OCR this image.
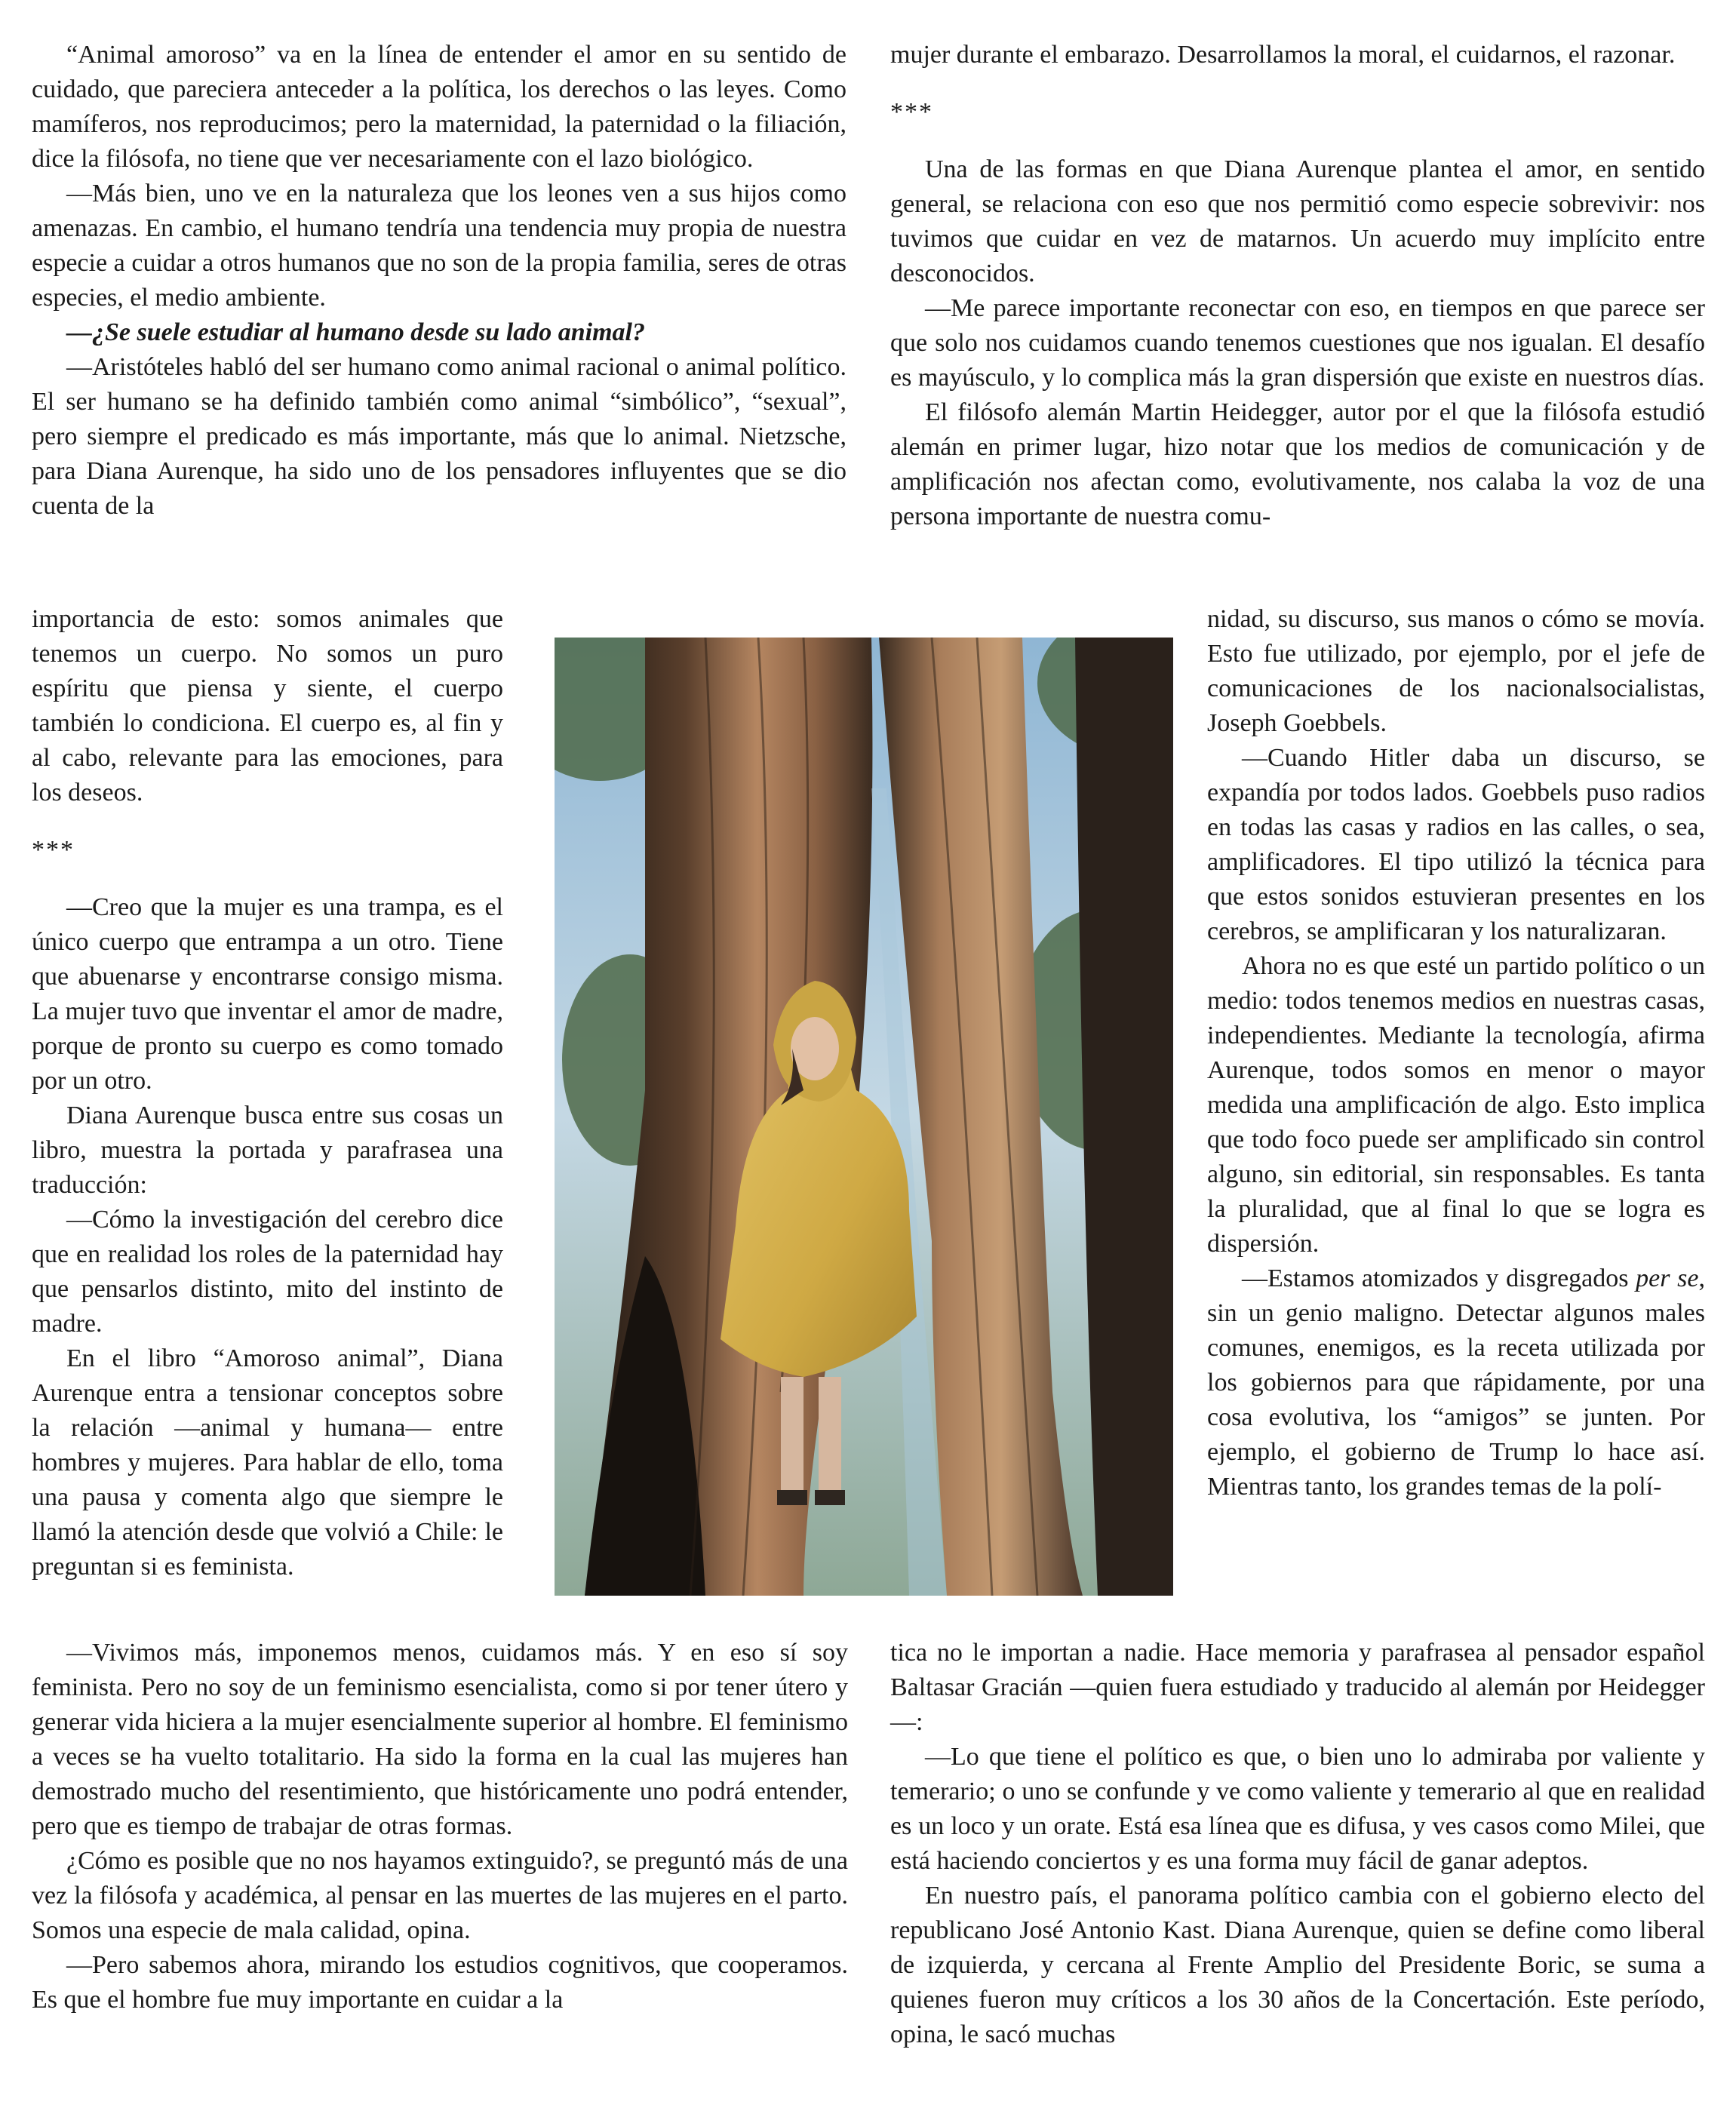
“Animal amoroso” va en la línea de entender el amor en su sentido de cuidado, que pareciera anteceder a la política, los derechos o las leyes. Como mamíferos, nos reproducimos; pero la maternidad, la paternidad o la filiación, dice la filósofa, no tiene que ver necesariamente con el lazo biológico.

—Más bien, uno ve en la naturaleza que los leones ven a sus hijos como amenazas. En cambio, el humano tendría una tendencia muy propia de nuestra especie a cuidar a otros humanos que no son de la propia familia, seres de otras especies, el medio ambiente.

—¿Se suele estudiar al humano desde su lado animal?

—Aristóteles habló del ser humano como animal racional o animal político. El ser humano se ha definido también como animal “simbólico”, “sexual”, pero siempre el predicado es más importante, más que lo animal. Nietzsche, para Diana Aurenque, ha sido uno de los pensadores influyentes que se dio cuenta de la

importancia de esto: somos animales que tenemos un cuerpo. No somos un puro espíritu que piensa y siente, el cuerpo también lo condiciona. El cuerpo es, al fin y al cabo, relevante para las emociones, para los deseos.

***

—Creo que la mujer es una trampa, es el único cuerpo que entrampa a un otro. Tiene que abuenarse y encontrarse consigo misma. La mujer tuvo que inventar el amor de madre, porque de pronto su cuerpo es como tomado por un otro.

Diana Aurenque busca entre sus cosas un libro, muestra la portada y parafrasea una traducción:

—Cómo la investigación del cerebro dice que en realidad los roles de la paternidad hay que pensarlos distinto, mito del instinto de madre.

En el libro “Amoroso animal”, Diana Aurenque entra a tensionar conceptos sobre la relación —animal y humana— entre hombres y mujeres. Para hablar de ello, toma una pausa y comenta algo que siempre le llamó la atención desde que volvió a Chile: le preguntan si es feminista.

—Vivimos más, imponemos menos, cuidamos más. Y en eso sí soy feminista. Pero no soy de un feminismo esencialista, como si por tener útero y generar vida hiciera a la mujer esencialmente superior al hombre. El feminismo a veces se ha vuelto totalitario. Ha sido la forma en la cual las mujeres han demostrado mucho del resentimiento, que históricamente uno podrá entender, pero que es tiempo de trabajar de otras formas.

¿Cómo es posible que no nos hayamos extinguido?, se preguntó más de una vez la filósofa y académica, al pensar en las muertes de las mujeres en el parto. Somos una especie de mala calidad, opina.

—Pero sabemos ahora, mirando los estudios cognitivos, que cooperamos. Es que el hombre fue muy importante en cuidar a la

mujer durante el embarazo. Desarrollamos la moral, el cuidarnos, el razonar.

***

Una de las formas en que Diana Aurenque plantea el amor, en sentido general, se relaciona con eso que nos permitió como especie sobrevivir: nos tuvimos que cuidar en vez de matarnos. Un acuerdo muy implícito entre desconocidos.

—Me parece importante reconectar con eso, en tiempos en que parece ser que solo nos cuidamos cuando tenemos cuestiones que nos igualan. El desafío es mayúsculo, y lo complica más la gran dispersión que existe en nuestros días.

El filósofo alemán Martin Heidegger, autor por el que la filósofa estudió alemán en primer lugar, hizo notar que los medios de comunicación y de amplificación nos afectan como, evolutivamente, nos calaba la voz de una persona importante de nuestra comu-

nidad, su discurso, sus manos o cómo se movía. Esto fue utilizado, por ejemplo, por el jefe de comunicaciones de los nacionalsocialistas, Joseph Goebbels.

—Cuando Hitler daba un discurso, se expandía por todos lados. Goebbels puso radios en todas las casas y radios en las calles, o sea, amplificadores. El tipo utilizó la técnica para que estos sonidos estuvieran presentes en los cerebros, se amplificaran y los naturalizaran.

Ahora no es que esté un partido político o un medio: todos tenemos medios en nuestras casas, independientes. Mediante la tecnología, afirma Aurenque, todos somos en menor o mayor medida una amplificación de algo. Esto implica que todo foco puede ser amplificado sin control alguno, sin editorial, sin responsables. Es tanta la pluralidad, que al final lo que se logra es dispersión.

—Estamos atomizados y disgregados per se, sin un genio maligno. Detectar algunos males comunes, enemigos, es la receta utilizada por los gobiernos para que rápidamente, por una cosa evolutiva, los “amigos” se junten. Por ejemplo, el gobierno de Trump lo hace así. Mientras tanto, los grandes temas de la polí-

tica no le importan a nadie. Hace memoria y parafrasea al pensador español Baltasar Gracián —quien fuera estudiado y traducido al alemán por Heidegger—:

—Lo que tiene el político es que, o bien uno lo admiraba por valiente y temerario; o uno se confunde y ve como valiente y temerario al que en realidad es un loco y un orate. Está esa línea que es difusa, y ves casos como Milei, que está haciendo conciertos y es una forma muy fácil de ganar adeptos.

En nuestro país, el panorama político cambia con el gobierno electo del republicano José Antonio Kast. Diana Aurenque, quien se define como liberal de izquierda, y cercana al Frente Amplio del Presidente Boric, se suma a quienes fueron muy críticos a los 30 años de la Concertación. Este período, opina, le sacó muchas
